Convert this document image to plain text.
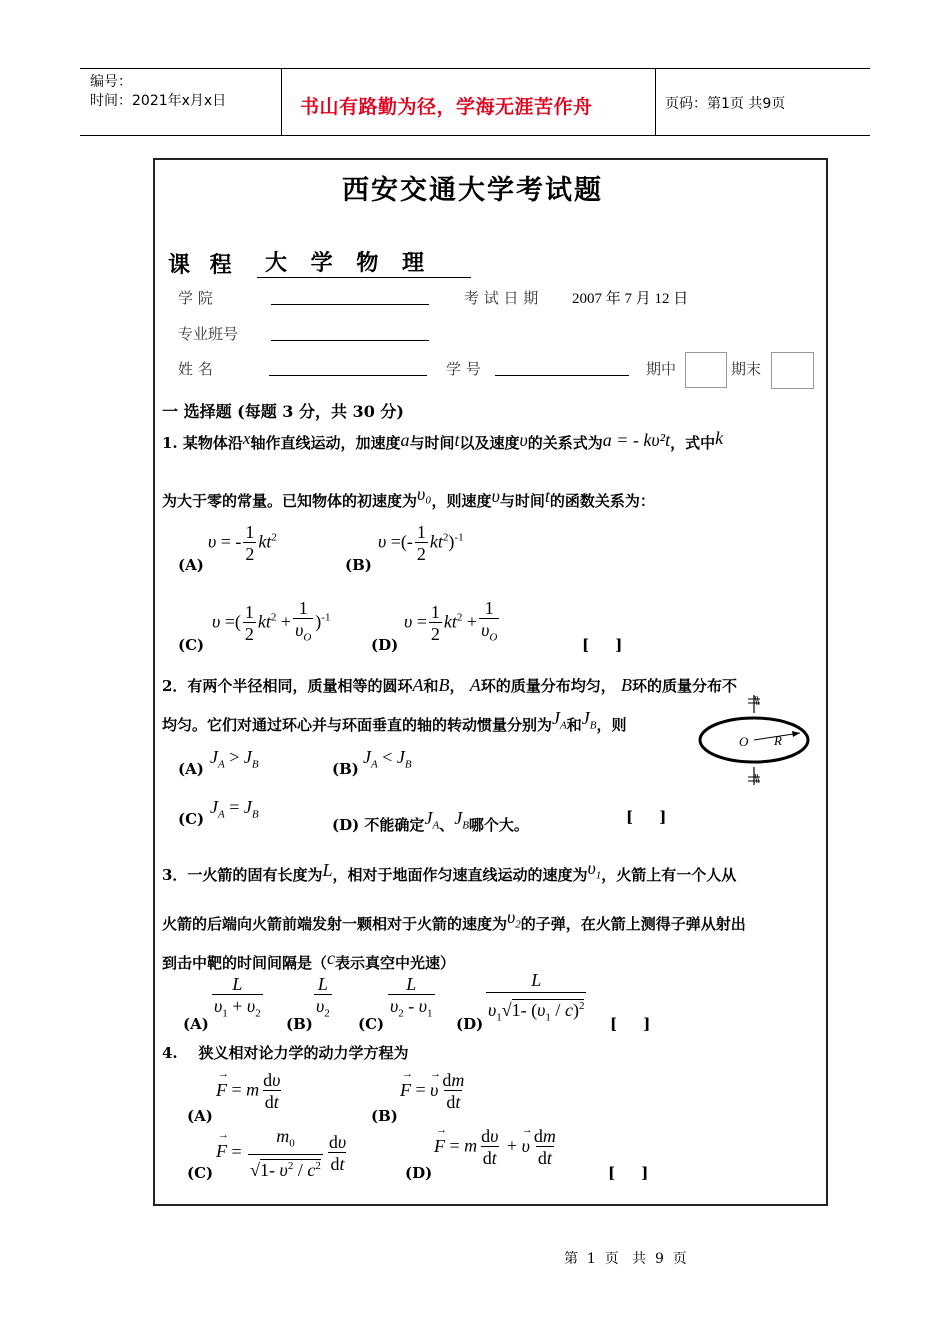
编号：
时间：2021年x月x日	书山有路勤为径，学海无涯苦作舟	页码：第1页 共9页
西安交通大学考试题
课 程	大 学 物 理
学 院	考 试 日 期 2007 年 7 月 12 日
专业班号
姓 名	学 号	期中	期末
一 选择题 (每题 3 分，共 30 分)
1. 某物体沿x轴作直线运动，加速度a与时间t以及速度υ的关系式为a = - kυ²t，式中k
为大于零的常量。已知物体的初速度为υ₀，则速度υ与时间t的函数关系为：
(A)
υ = - $\frac{1}{2} kt^2$
(B)
υ =(- $\frac{1}{2} kt^2)^{-1}$
(C)
υ =( $\frac{1}{2} kt^2 + \frac{1}{\upsilon_O} )^{-1}$
(D)
$\upsilon = \frac{1}{2} kt^2 + \frac{1}{\upsilon_O}$	[     ]
2．有两个半径相同，质量相等的圆环A和B， A环的质量分布均匀， B环的质量分布不
均匀。它们对通过环心并与环面垂直的轴的转动惯量分别为$J_A$和$J_B$，则
O R
(A)
$J_A > J_B$	(B)
$J_A < J_B$
(C)
$J_A = J_B$
(D) 不能确定$J_A$、$J_B$哪个大。	[     ]
3．一火箭的固有长度为L，相对于地面作匀速直线运动的速度为$\upsilon_1$，火箭上有一个人从
火箭的后端向火箭前端发射一颗相对于火箭的速度为$\upsilon_2$的子弹，在火箭上测得子弹从射出
到击中靶的时间间隔是（c表示真空中光速）
$(A) \frac{L}{\upsilon_1 + \upsilon_2} (B) \frac{L}{\upsilon_2} (C) \frac{L}{\upsilon_2 - \upsilon_1} (D) \frac{L}{\upsilon_1√1- (\upsilon_1 / c)^2}$ [     ]
4.    狭义相对论力学的动力学方程为
(A)
F
→
= m $\frac{d\upsilon}{dt}$
(B)
F
→
= υ
→ $\frac{dm}{dt}$
(C)
F
→
= $\frac{m_0}{√1- \upsilon^2 / c^2} \frac{d\upsilon}{dt}$	(D)
F
→
= m $\frac{d\upsilon}{dt} + \upsilon$
→ $\frac{dm}{dt}$
[     ]
第  1  页   共  9  页
